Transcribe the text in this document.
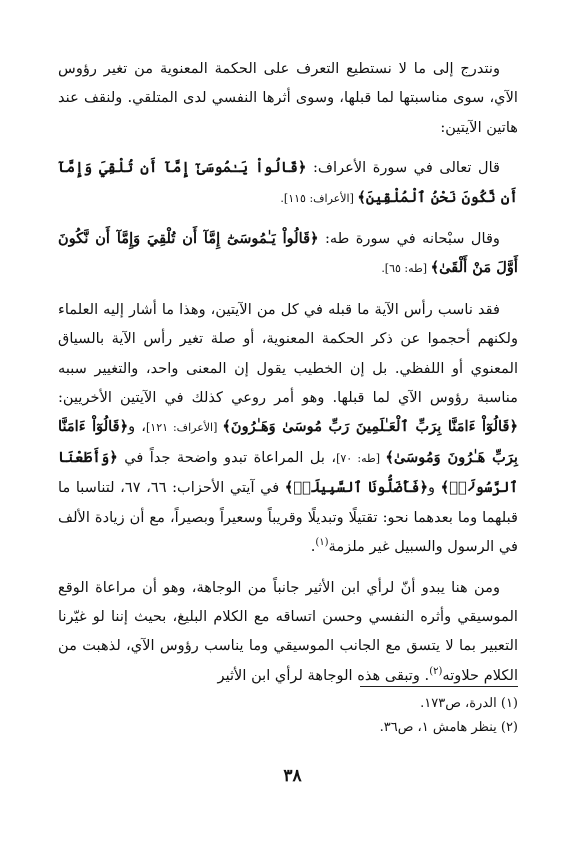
ونتدرج إلى ما لا نستطيع التعرف على الحكمة المعنوية من تغير رؤوس الآي، سوى مناسبتها لما قبلها، وسوى أثرها النفسي لدى المتلقي. ولنقف عند هاتين الآيتين:

قال تعالى في سورة الأعراف: ﴿قَالُواْ يَـٰمُوسَىٰٓ إِمَّآ أَن تُلْقِيَ وَإِمَّآ أَن نَّكُونَ نَحْنُ ٱلْمُلْقِينَ﴾ [الأعراف: ١١٥].

وقال سبْحانه في سورة طه: ﴿قَالُواْ يَـٰمُوسَىٰٓ إِمَّآ أَن تُلْقِيَ وَإِمَّآ أَن نَّكُونَ أَوَّلَ مَنْ أَلْقَىٰ﴾ [طه: ٦٥].

فقد ناسب رأس الآية ما قبله في كل من الآيتين، وهذا ما أشار إليه العلماء ولكنهم أحجموا عن ذكر الحكمة المعنوية، أو صلة تغير رأس الآية بالسياق المعنوي أو اللفظي. بل إن الخطيب يقول إن المعنى واحد، والتغيير سببه مناسبة رؤوس الآي لما قبلها. وهو أمر روعي كذلك في الآيتين الأخريين: ﴿قَالُوٓاْ ءَامَنَّا بِرَبِّ ٱلْعَـٰلَمِينَ رَبِّ مُوسَىٰ وَهَـٰرُونَ﴾ [الأعراف: ١٢١]، و﴿قَالُوٓاْ ءَامَنَّا بِرَبِّ هَـٰرُونَ وَمُوسَىٰ﴾ [طه: ٧٠]، بل المراعاة تبدو واضحة جداً في ﴿وَأَطَعْنَا ٱلرَّسُولَا۠﴾ و﴿فَأَضَلُّونَا ٱلسَّبِيلَا۠﴾ في آيتي الأحزاب: ٦٦، ٦٧، لتناسبا ما قبلهما وما بعدهما نحو: تقتيلًا وتبديلًا وقريباً وسعيراً وبصيراً، مع أن زيادة الألف في الرسول والسبيل غير ملزمة$^{(١)}$.

ومن هنا يبدو أنّ لرأي ابن الأثير جانباً من الوجاهة، وهو أن مراعاة الوقع الموسيقي وأثره النفسي وحسن اتساقه مع الكلام البليغ، بحيث إننا لو غيّرنا التعبير بما لا يتسق مع الجانب الموسيقي وما يناسب رؤوس الآي، لذهبت من الكلام حلاوته$^{(٢)}$. وتبقى هذه الوجاهة لرأي ابن الأثير

(١) الدرة، ص١٧٣.

(٢) ينظر هامش ١، ص٣٦.

٣٨
